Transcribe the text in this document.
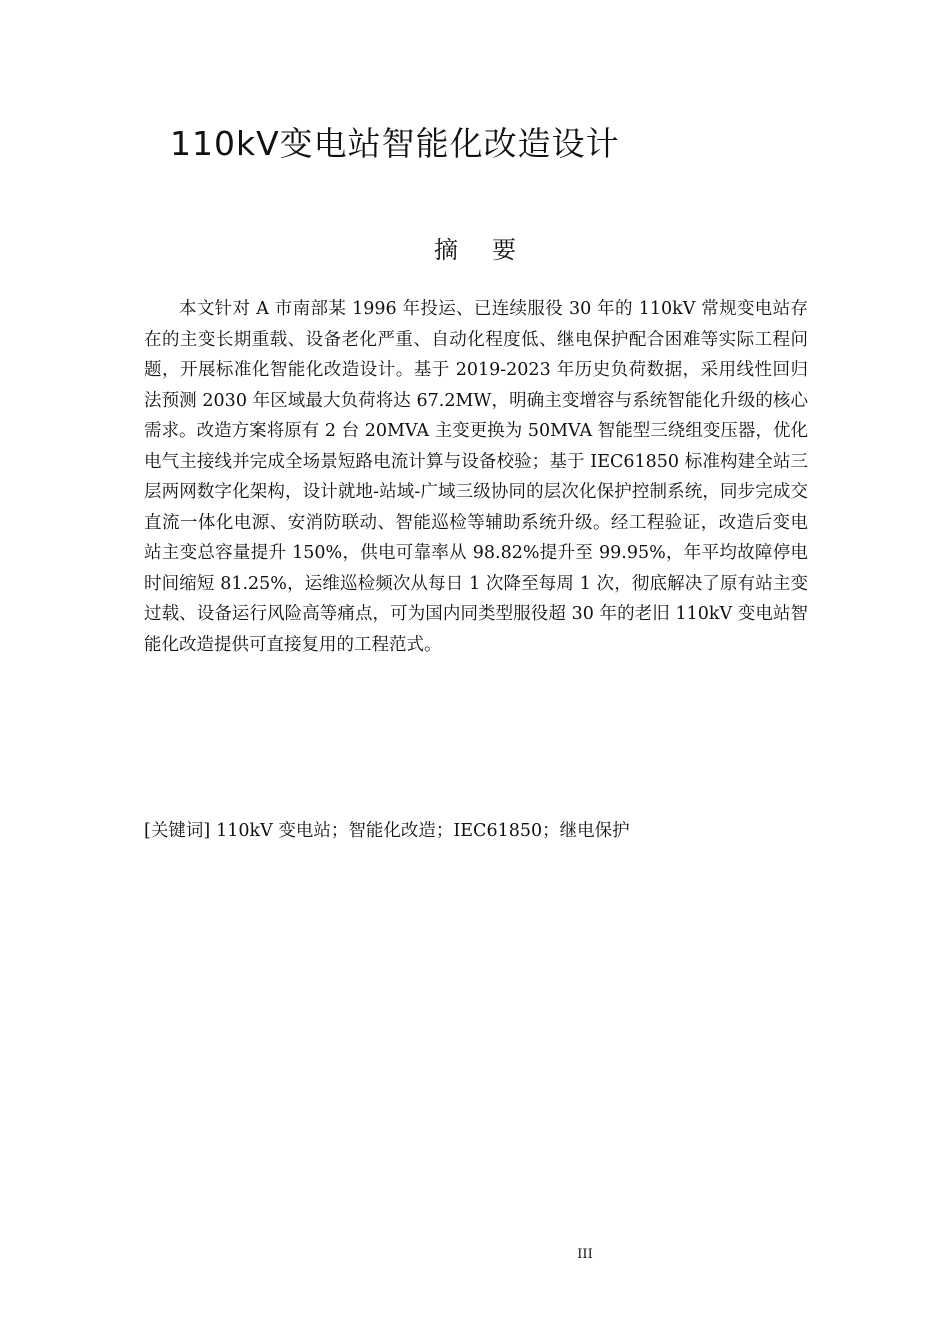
110kV变电站智能化改造设计
摘要

本文针对 A 市南部某 1996 年投运、已连续服役 30 年的 110kV 常规变电站存在的主变长期重载、设备老化严重、自动化程度低、继电保护配合困难等实际工程问题，开展标准化智能化改造设计。基于 2019-2023 年历史负荷数据，采用线性回归法预测 2030 年区域最大负荷将达 67.2MW，明确主变增容与系统智能化升级的核心需求。改造方案将原有 2 台 20MVA 主变更换为 50MVA 智能型三绕组变压器，优化电气主接线并完成全场景短路电流计算与设备校验；基于 IEC61850 标准构建全站三层两网数字化架构，设计就地-站域-广域三级协同的层次化保护控制系统，同步完成交直流一体化电源、安消防联动、智能巡检等辅助系统升级。经工程验证，改造后变电站主变总容量提升 150%，供电可靠率从 98.82%提升至 99.95%，年平均故障停电时间缩短 81.25%，运维巡检频次从每日 1 次降至每周 1 次，彻底解决了原有站主变过载、设备运行风险高等痛点，可为国内同类型服役超 30 年的老旧 110kV 变电站智能化改造提供可直接复用的工程范式。

[关键词] 110kV 变电站；智能化改造；IEC61850；继电保护
III
